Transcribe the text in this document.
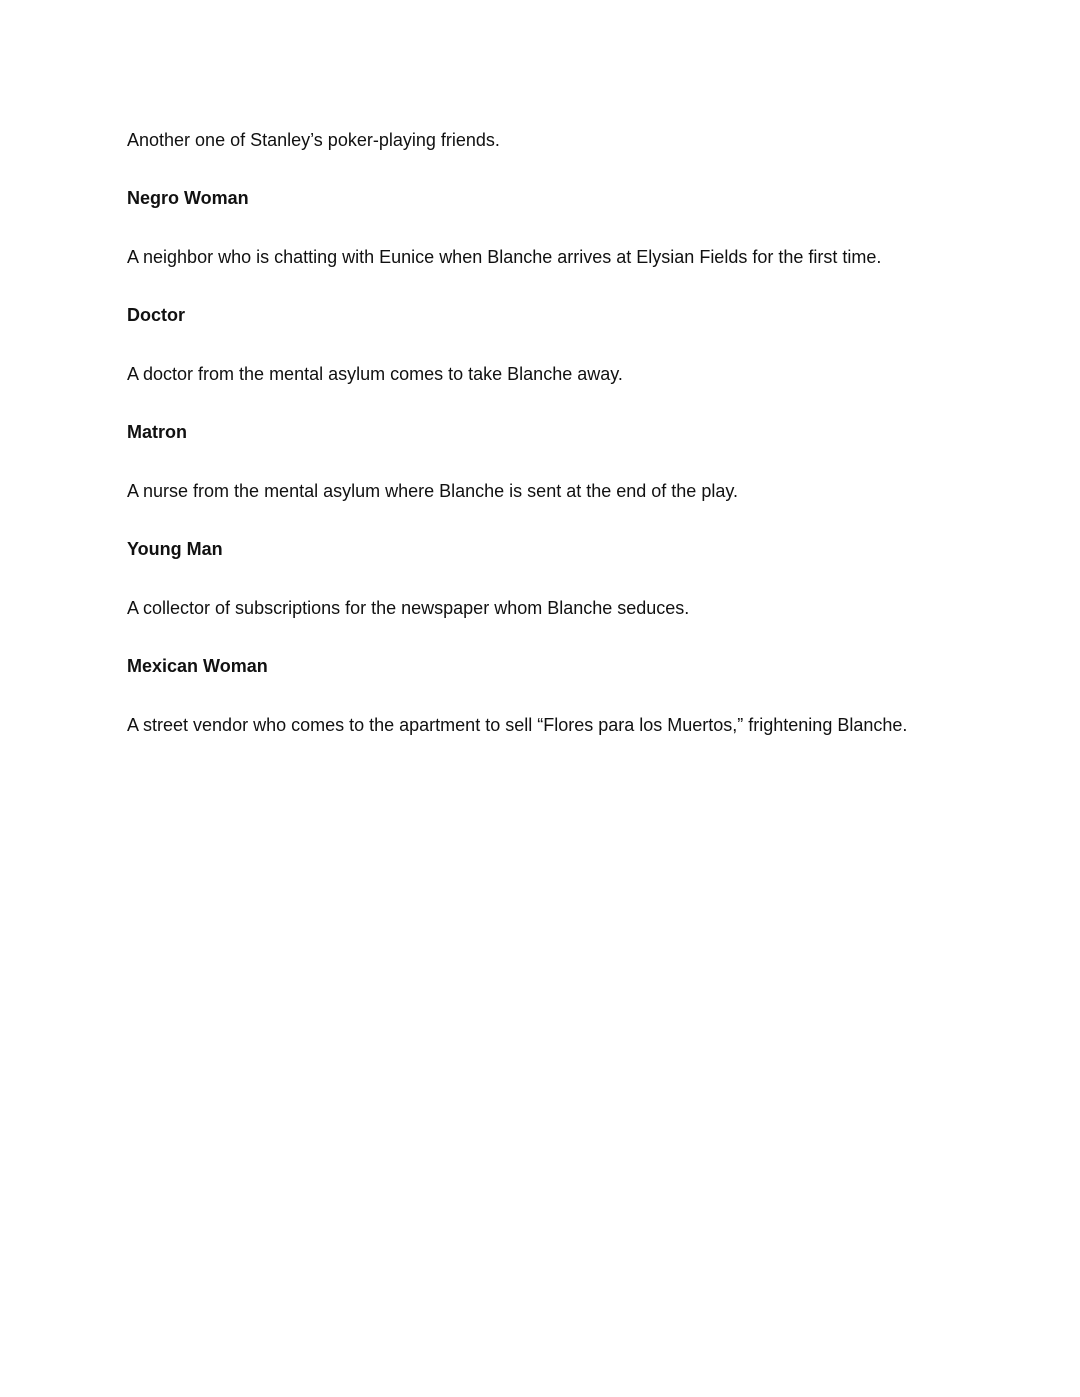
Another one of Stanley’s poker-playing friends.

Negro Woman

A neighbor who is chatting with Eunice when Blanche arrives at Elysian Fields for the first time.

Doctor

A doctor from the mental asylum comes to take Blanche away.

Matron

A nurse from the mental asylum where Blanche is sent at the end of the play.

Young Man

A collector of subscriptions for the newspaper whom Blanche seduces.

Mexican Woman

A street vendor who comes to the apartment to sell “Flores para los Muertos,” frightening Blanche.
